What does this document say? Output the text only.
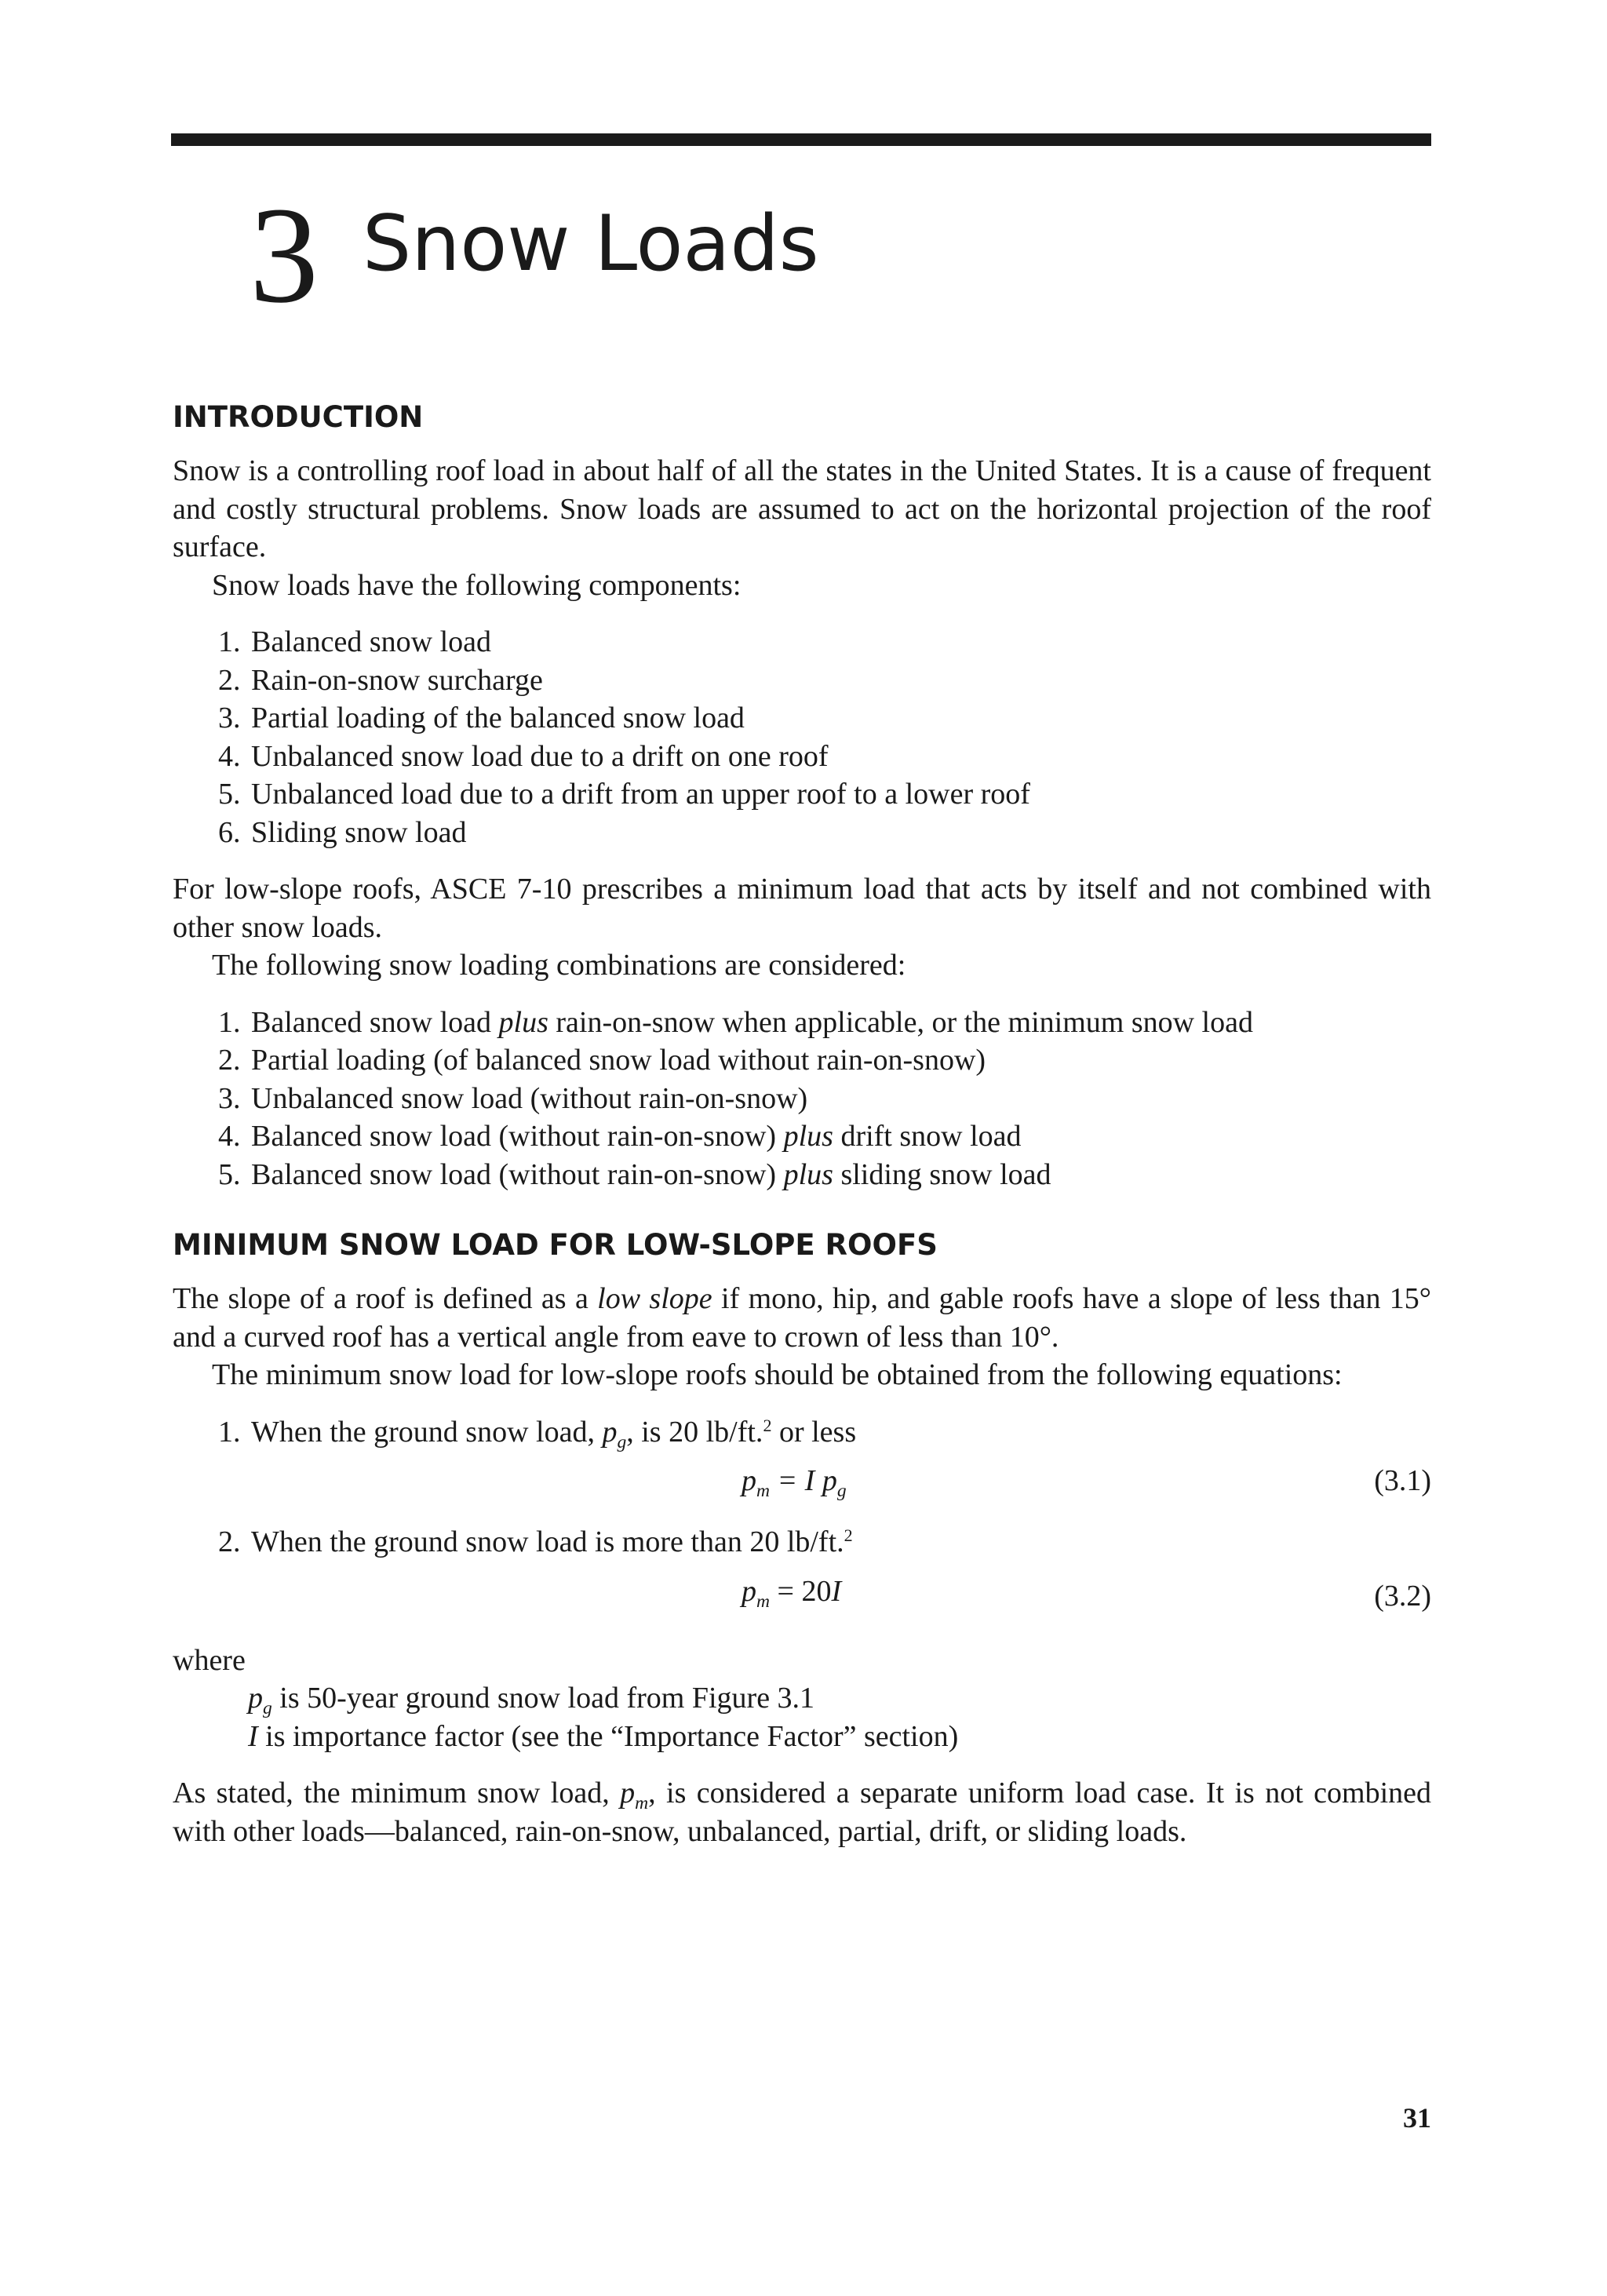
3 Snow Loads
INTRODUCTION

Snow is a controlling roof load in about half of all the states in the United States. It is a cause of frequent and costly structural problems. Snow loads are assumed to act on the horizontal projection of the roof surface.

Snow loads have the following components:

1. Balanced snow load
2. Rain-on-snow surcharge
3. Partial loading of the balanced snow load
4. Unbalanced snow load due to a drift on one roof
5. Unbalanced load due to a drift from an upper roof to a lower roof
6. Sliding snow load

For low-slope roofs, ASCE 7-10 prescribes a minimum load that acts by itself and not combined with other snow loads.

The following snow loading combinations are considered:

1. Balanced snow load plus rain-on-snow when applicable, or the minimum snow load
2. Partial loading (of balanced snow load without rain-on-snow)
3. Unbalanced snow load (without rain-on-snow)
4. Balanced snow load (without rain-on-snow) plus drift snow load
5. Balanced snow load (without rain-on-snow) plus sliding snow load
MINIMUM SNOW LOAD FOR LOW-SLOPE ROOFS

The slope of a roof is defined as a low slope if mono, hip, and gable roofs have a slope of less than 15° and a curved roof has a vertical angle from eave to crown of less than 10°.

The minimum snow load for low-slope roofs should be obtained from the following equations:

1. When the ground snow load, $p_g$, is 20 lb/ft.$^2$ or less
$p_m = I$ $p_g$	(3.1)
2. When the ground snow load is more than 20 lb/ft.$^2$
$p_m = 20I$	(3.2)

where

$p_g$ is 50-year ground snow load from Figure 3.1
I is importance factor (see the “Importance Factor” section)

As stated, the minimum snow load, $p_m$, is considered a separate uniform load case. It is not combined with other loads—balanced, rain-on-snow, unbalanced, partial, drift, or sliding loads.

31
